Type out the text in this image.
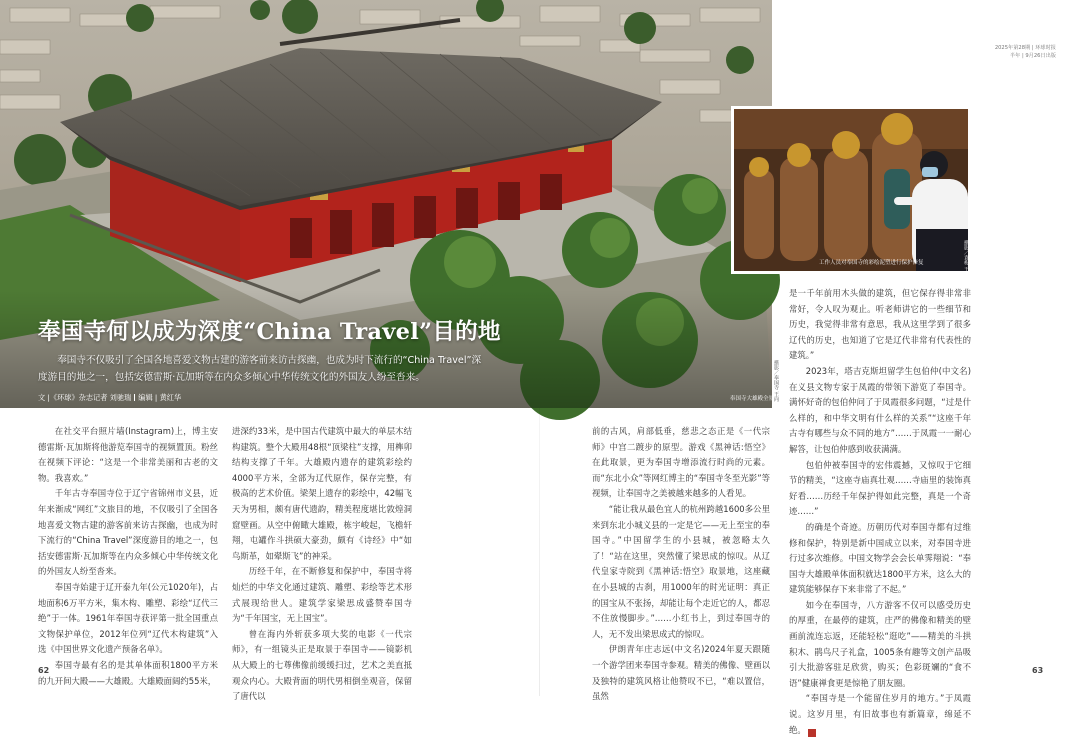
工作人员对奉国寺的彩绘泥塑进行保护修复	摄影／袁梅 王向
奉国寺大雄殿全景
摄影／奉国寺 王向
奉国寺何以成为深度“China Travel”目的地

奉国寺不仅吸引了全国各地喜爱文物古建的游客前来访古探幽，也成为时下流行的“China Travel”深度游目的地之一，包括安德雷斯·瓦加斯等在内众多倾心中华传统文化的外国友人纷至沓来。

文 |《环球》杂志记者 刘驰瑞 编辑 | 黄红华
2025年第28期 | 环球时报
半年 | 9月26日出版

在社交平台照片墙(Instagram)上，博主安德雷斯·瓦加斯将他游览奉国寺的视频置顶。粉丝在视频下评论：“这是一个非常美丽和古老的文物。我喜欢。”

千年古寺奉国寺位于辽宁省锦州市义县，近年来渐成“网红”文旅目的地，不仅吸引了全国各地喜爱文物古建的游客前来访古探幽，也成为时下流行的“China Travel”深度游目的地之一，包括安德雷斯·瓦加斯等在内众多倾心中华传统文化的外国友人纷至沓来。

奉国寺始建于辽开泰九年(公元1020年)，占地面积6万平方米，集木构、雕塑、彩绘“辽代三绝”于一体。1961年奉国寺获评第一批全国重点文物保护单位，2012年位列“辽代木构建筑”入选《中国世界文化遗产预备名单》。

奉国寺最有名的是其单体面积1800平方米的九开间大殿——大雄殿。大雄殿面阔约55米，

进深约33米，是中国古代建筑中最大的单层木结构建筑。整个大殿用48根“顶梁柱”支撑，用榫卯结构支撑了千年。大雄殿内遗存的建筑彩绘约4000平方米，全部为辽代原作，保存完整，有极高的艺术价值。梁架上遗存的彩绘中，42幅飞天为男相，颇有唐代遗韵，精美程度堪比敦煌洞窟壁画。从空中俯瞰大雄殿，栋宇峻起，飞檐轩翔，屯罐作斗拱硕大豪劲，颇有《诗经》中“如鸟斯革，如翚斯飞”的神采。

历经千年，在不断修复和保护中，奉国寺将灿烂的中华文化通过建筑、雕塑、彩绘等艺术形式展现给世人。建筑学家梁思成盛赞奉国寺为“千年国宝，无上国宝”。

曾在海内外斩获多项大奖的电影《一代宗师》，有一组镜头正是取景于奉国寺——镜影机从大殿上的七尊佛像前缓缓扫过，艺术之美直抵观众内心。大殿背面的明代男相倒坐观音，保留了唐代以

前的古风，肩部低垂，慈悲之态正是《一代宗师》中宫二踱步的原型。游戏《黑神话:悟空》在此取景，更为奉国寺增添流行时尚的元素。而“东北小众”等网红博主的“奉国寺冬至光影”等视频，让奉国寺之美被越来越多的人看见。

“能让我从最色宜人的杭州跨越1600多公里来到东北小城义县的一定是它——无上至宝的奉国寺。”中国留学生的小县城，被忽略太久了！“站在这里，突然懂了梁思成的惊叹。从辽代皇家寺院到《黑神话:悟空》取景地，这座藏在小县城的古刹，用1000年的时光证明：真正的国宝从不张扬，却能让每个走近它的人，都忍不住放慢脚步。”……小红书上，到过奉国寺的人，无不发出梁思成式的惊叹。

伊朗青年庄志远(中文名)2024年夏天跟随一个游学团来奉国寺参观。精美的佛像、壁画以及独特的建筑风格让他赞叹不已，“难以置信，虽然

是一千年前用木头做的建筑，但它保存得非常非常好，令人叹为观止。听老师讲它的一些细节和历史，我觉得非常有意思，我从这里学到了很多辽代的历史，也知道了它是辽代非常有代表性的建筑。”

2023年，塔吉克斯坦留学生包伯仲(中文名)在义县文物专家于凤霞的带领下游览了奉国寺。满怀好奇的包伯仲问了于凤霞很多问题，“过是什么样的，和中华文明有什么样的关系”“这座千年古寺有哪些与众不同的地方”……于凤霞一一耐心解答，让包伯仲感到收获满满。

包伯仲被奉国寺的宏伟震撼，又惊叹于它细节的精美，“这座寺庙真壮观……寺庙里的装饰真好看……历经千年保护得如此完整，真是一个奇迹……”

的确是个奇迹。历朝历代对奉国寺都有过维修和保护，特别是新中国成立以来，对奉国寺进行过多次维修。中国文物学会会长单霁翔说：“奉国寺大雄殿单体面积就达1800平方米，这么大的建筑能够保存下来非常了不起。”

如今在奉国寺，八方游客不仅可以感受历史的厚重，在最停的建筑，庄严的佛像和精美的壁画前流连忘返，还能轻松“逛吃”——精美的斗拱积木、鹃鸟尺子礼盒，1005条有趣等文创产品吸引大批游客驻足欣赏，购买；色彩斑斓的“食不语”健康禅食更是惊艳了朋友圈。

“奉国寺是一个能留住岁月的地方。”于凤霞说。这岁月里，有旧故事也有新篇章，绵延不绝。	■

62	63
